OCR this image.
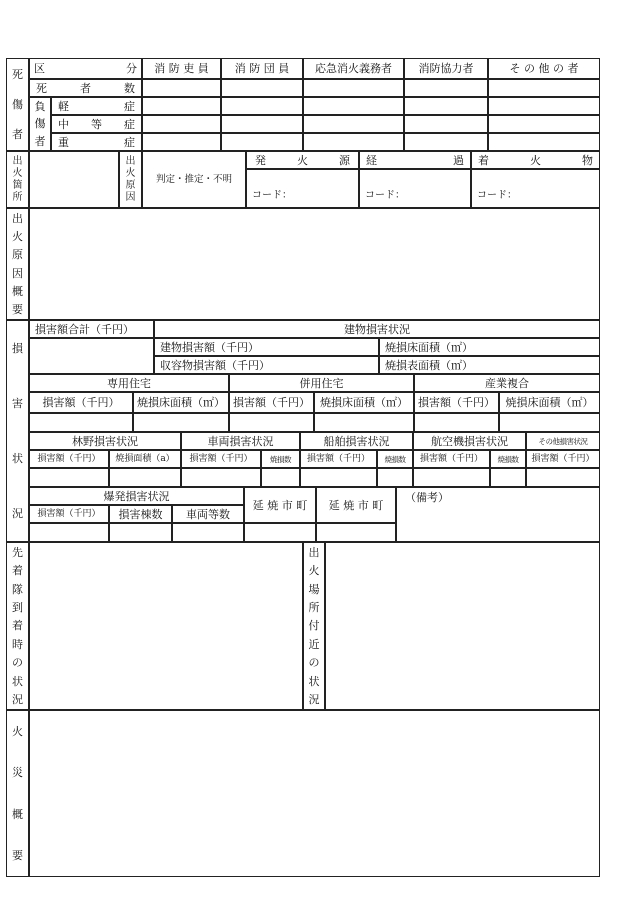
死
傷
者
区	分	消 防 吏 員	消 防 団 員	応急消火義務者	消防協力者	そ の 他 の 者
死	者	数
負
傷
者
軽	症
中 等 症
重	症
出
火
箇
所
出
火
原
因
判定・推定・不明
発	火	源 経	過 着	火	物
コード：	コード：	コード：
出
火
原
因
概
要
損
害
状
況
損害額合計（千円）	建物損害状況
建物損害額（千円）	焼損床面積（㎡）
収容物損害額（千円）	焼損表面積（㎡）
専用住宅	併用住宅	産業複合
損害額（千円）	焼損床面積（㎡） 損害額（千円） 焼損床面積（㎡） 損害額（千円） 焼損床面積（㎡）
林野損害状況	車両損害状況	船舶損害状況	航空機損害状況	その他損害状況
損害額（千円）	焼損面積（a）	損害額（千円）	焼損数	損害額（千円）	焼損数	損害額（千円）	焼損数	損害額（千円）
爆発損害状況
損害額（千円）	損害棟数	車両等数
延 焼 市 町	延 焼 市 町
（備考）
先
着
隊
到
着
時
の
状
況
出
火
場
所
付
近
の
状
況
火
災
概
要
